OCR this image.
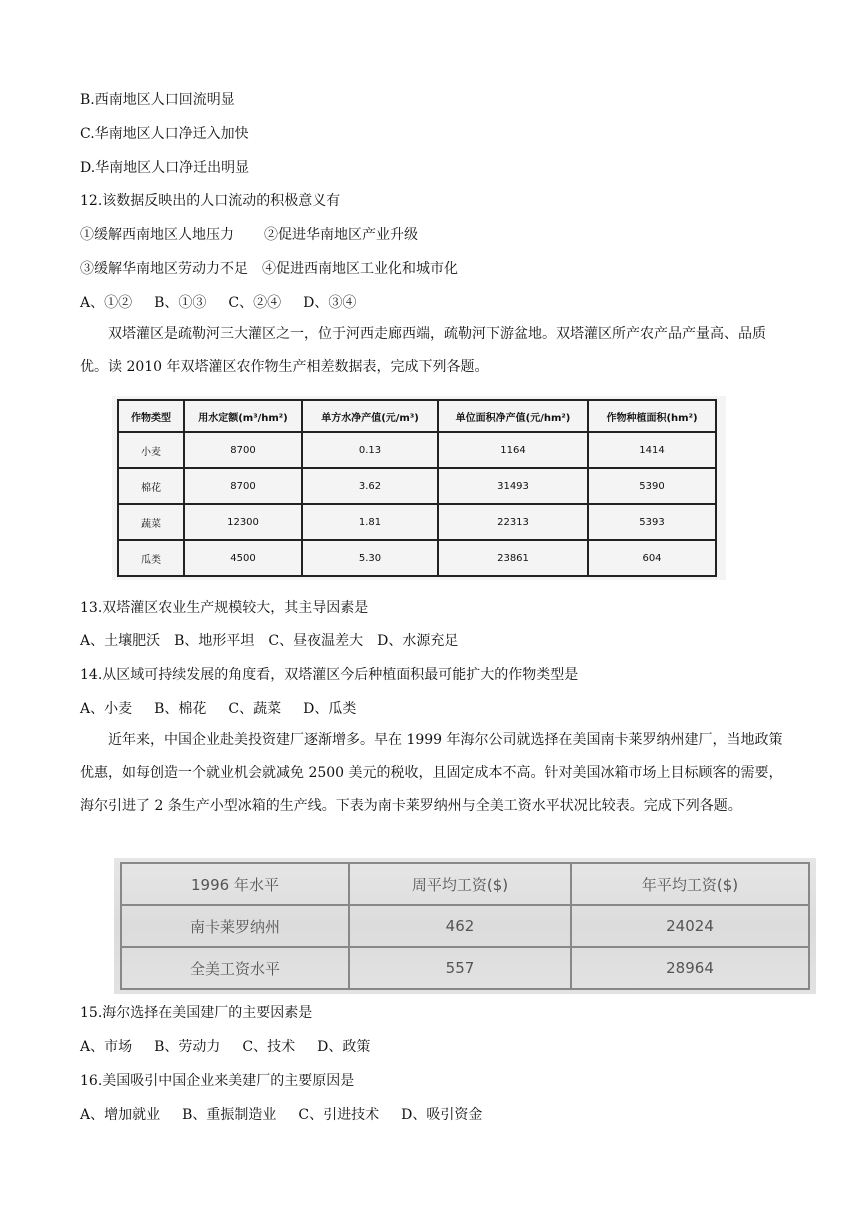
B.西南地区人口回流明显
C.华南地区人口净迁入加快
D.华南地区人口净迁出明显
12.该数据反映出的人口流动的积极意义有
①缓解西南地区人地压力 ②促进华南地区产业升级
③缓解华南地区劳动力不足 ④促进西南地区工业化和城市化
A、①② B、①③ C、②④ D、③④
双塔灌区是疏勒河三大灌区之一，位于河西走廊西端，疏勒河下游盆地。双塔灌区所产农产品产量高、品质优。读 2010 年双塔灌区农作物生产相差数据表，完成下列各题。
作物类型	用水定额(m³/hm²)	单方水净产值(元/m³)	单位面积净产值(元/hm²)	作物种植面积(hm²)
小麦	8700	0.13	1164	1414
棉花	8700	3.62	31493	5390
蔬菜	12300	1.81	22313	5393
瓜类	4500	5.30	23861	604
13.双塔灌区农业生产规模较大，其主导因素是
A、土壤肥沃 B、地形平坦 C、昼夜温差大 D、水源充足
14.从区域可持续发展的角度看，双塔灌区今后种植面积最可能扩大的作物类型是
A、小麦 B、棉花 C、蔬菜 D、瓜类
近年来，中国企业赴美投资建厂逐渐增多。早在 1999 年海尔公司就选择在美国南卡莱罗纳州建厂，当地政策优惠，如每创造一个就业机会就减免 2500 美元的税收，且固定成本不高。针对美国冰箱市场上目标顾客的需要，海尔引进了 2 条生产小型冰箱的生产线。下表为南卡莱罗纳州与全美工资水平状况比较表。完成下列各题。
1996 年水平	周平均工资($)	年平均工资($)
南卡莱罗纳州	462	24024
全美工资水平	557	28964
15.海尔选择在美国建厂的主要因素是
A、市场 B、劳动力 C、技术 D、政策
16.美国吸引中国企业来美建厂的主要原因是
A、增加就业 B、重振制造业 C、引进技术 D、吸引资金
